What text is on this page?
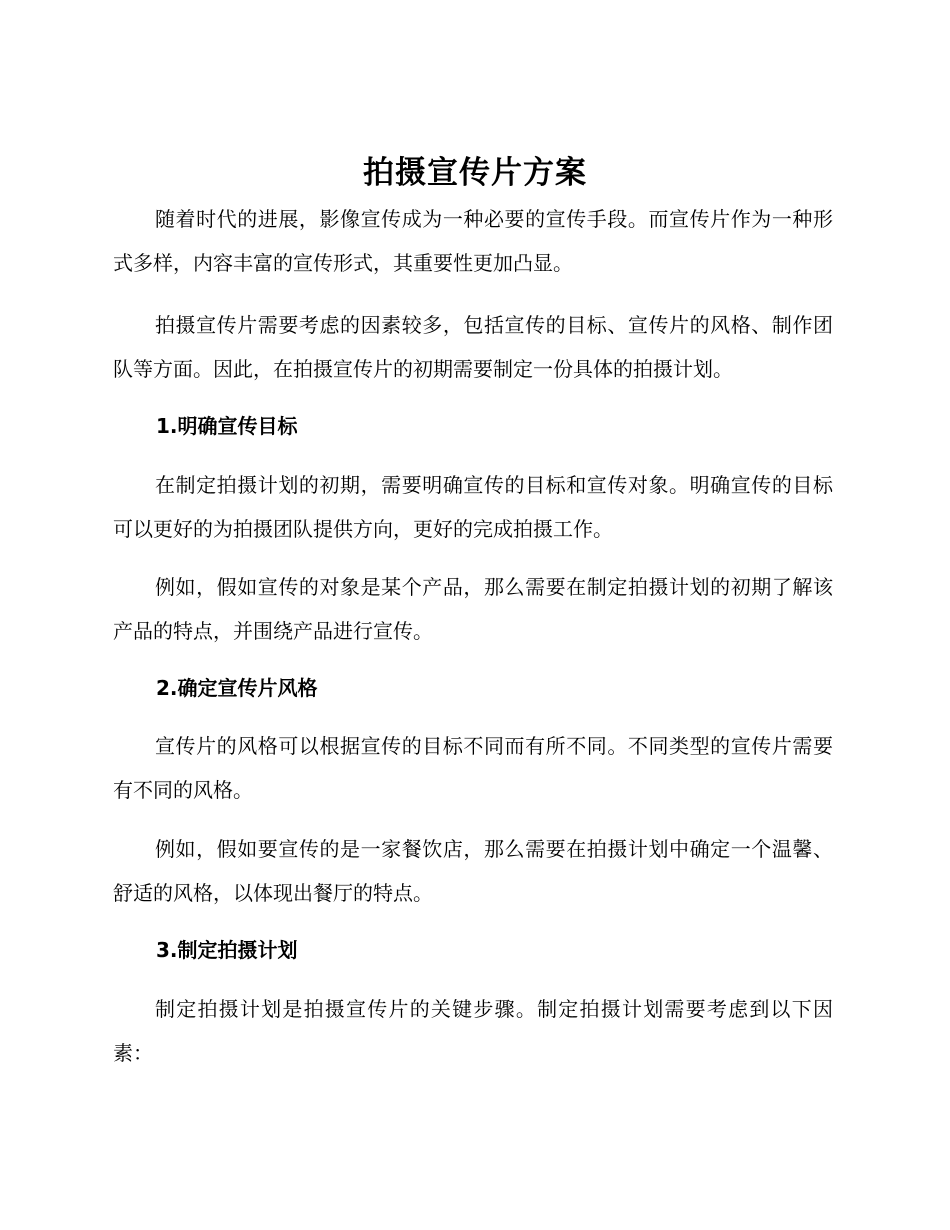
拍摄宣传片方案

随着时代的进展，影像宣传成为一种必要的宣传手段。而宣传片作为一种形式多样，内容丰富的宣传形式，其重要性更加凸显。

拍摄宣传片需要考虑的因素较多，包括宣传的目标、宣传片的风格、制作团队等方面。因此，在拍摄宣传片的初期需要制定一份具体的拍摄计划。

1.明确宣传目标

在制定拍摄计划的初期，需要明确宣传的目标和宣传对象。明确宣传的目标可以更好的为拍摄团队提供方向，更好的完成拍摄工作。

例如，假如宣传的对象是某个产品，那么需要在制定拍摄计划的初期了解该产品的特点，并围绕产品进行宣传。

2.确定宣传片风格

宣传片的风格可以根据宣传的目标不同而有所不同。不同类型的宣传片需要有不同的风格。

例如，假如要宣传的是一家餐饮店，那么需要在拍摄计划中确定一个温馨、舒适的风格，以体现出餐厅的特点。

3.制定拍摄计划

制定拍摄计划是拍摄宣传片的关键步骤。制定拍摄计划需要考虑到以下因素：
